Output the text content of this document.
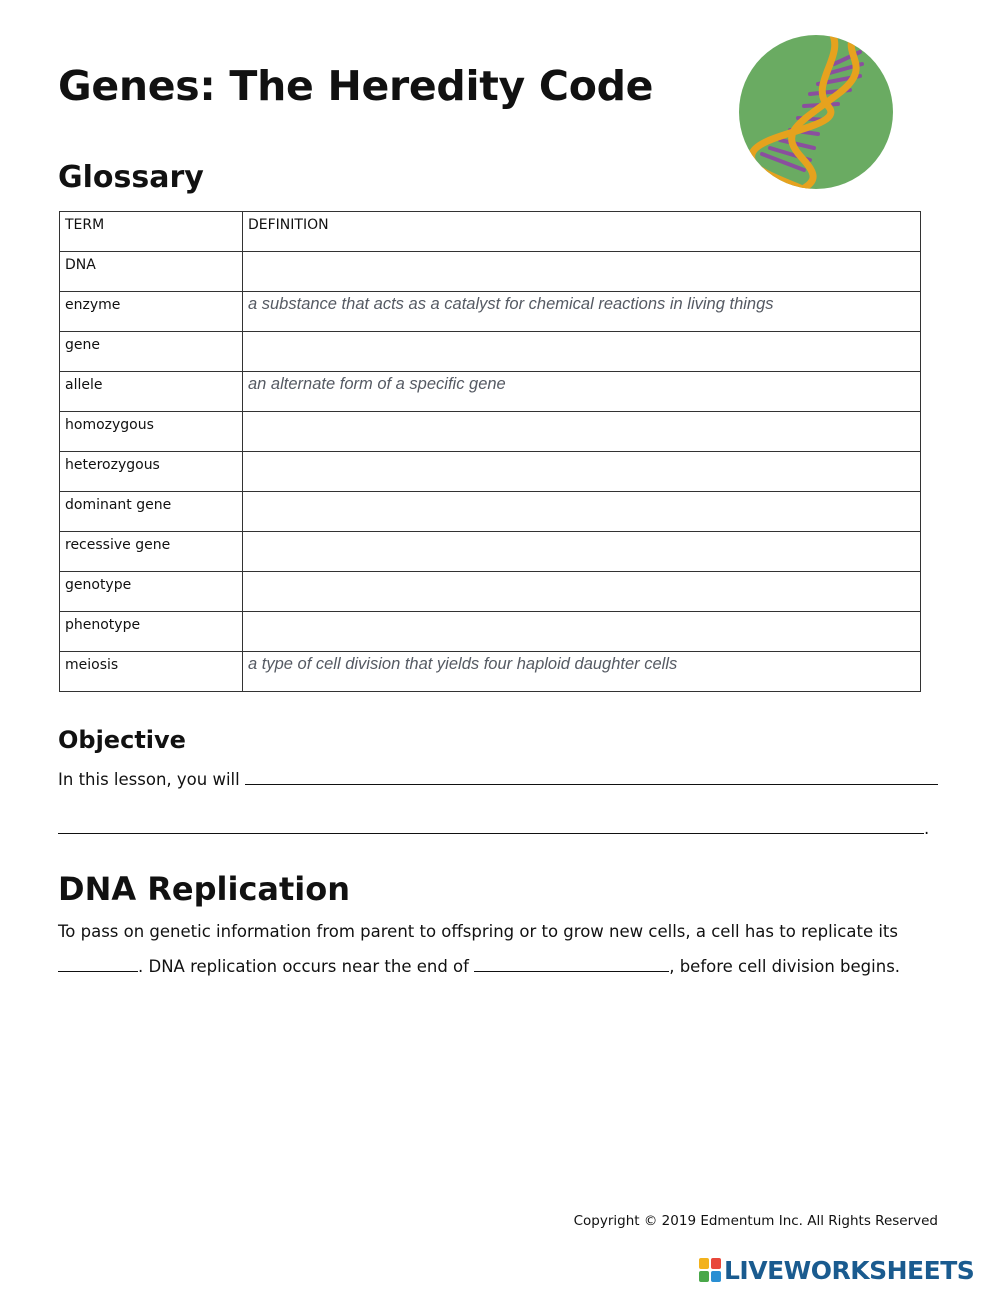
Genes: The Heredity Code
Glossary
TERM	DEFINITION
DNA	
enzyme	a substance that acts as a catalyst for chemical reactions in living things
gene	
allele	an alternate form of a specific gene
homozygous	
heterozygous	
dominant gene	
recessive gene	
genotype	
phenotype	
meiosis	a type of cell division that yields four haploid daughter cells
Objective
In this lesson, you will
.
DNA Replication
To pass on genetic information from parent to offspring or to grow new cells, a cell has to replicate its
. DNA replication occurs near the end of	, before cell division begins.
Copyright © 2019 Edmentum Inc. All Rights Reserved
LIVEWORKSHEETS
